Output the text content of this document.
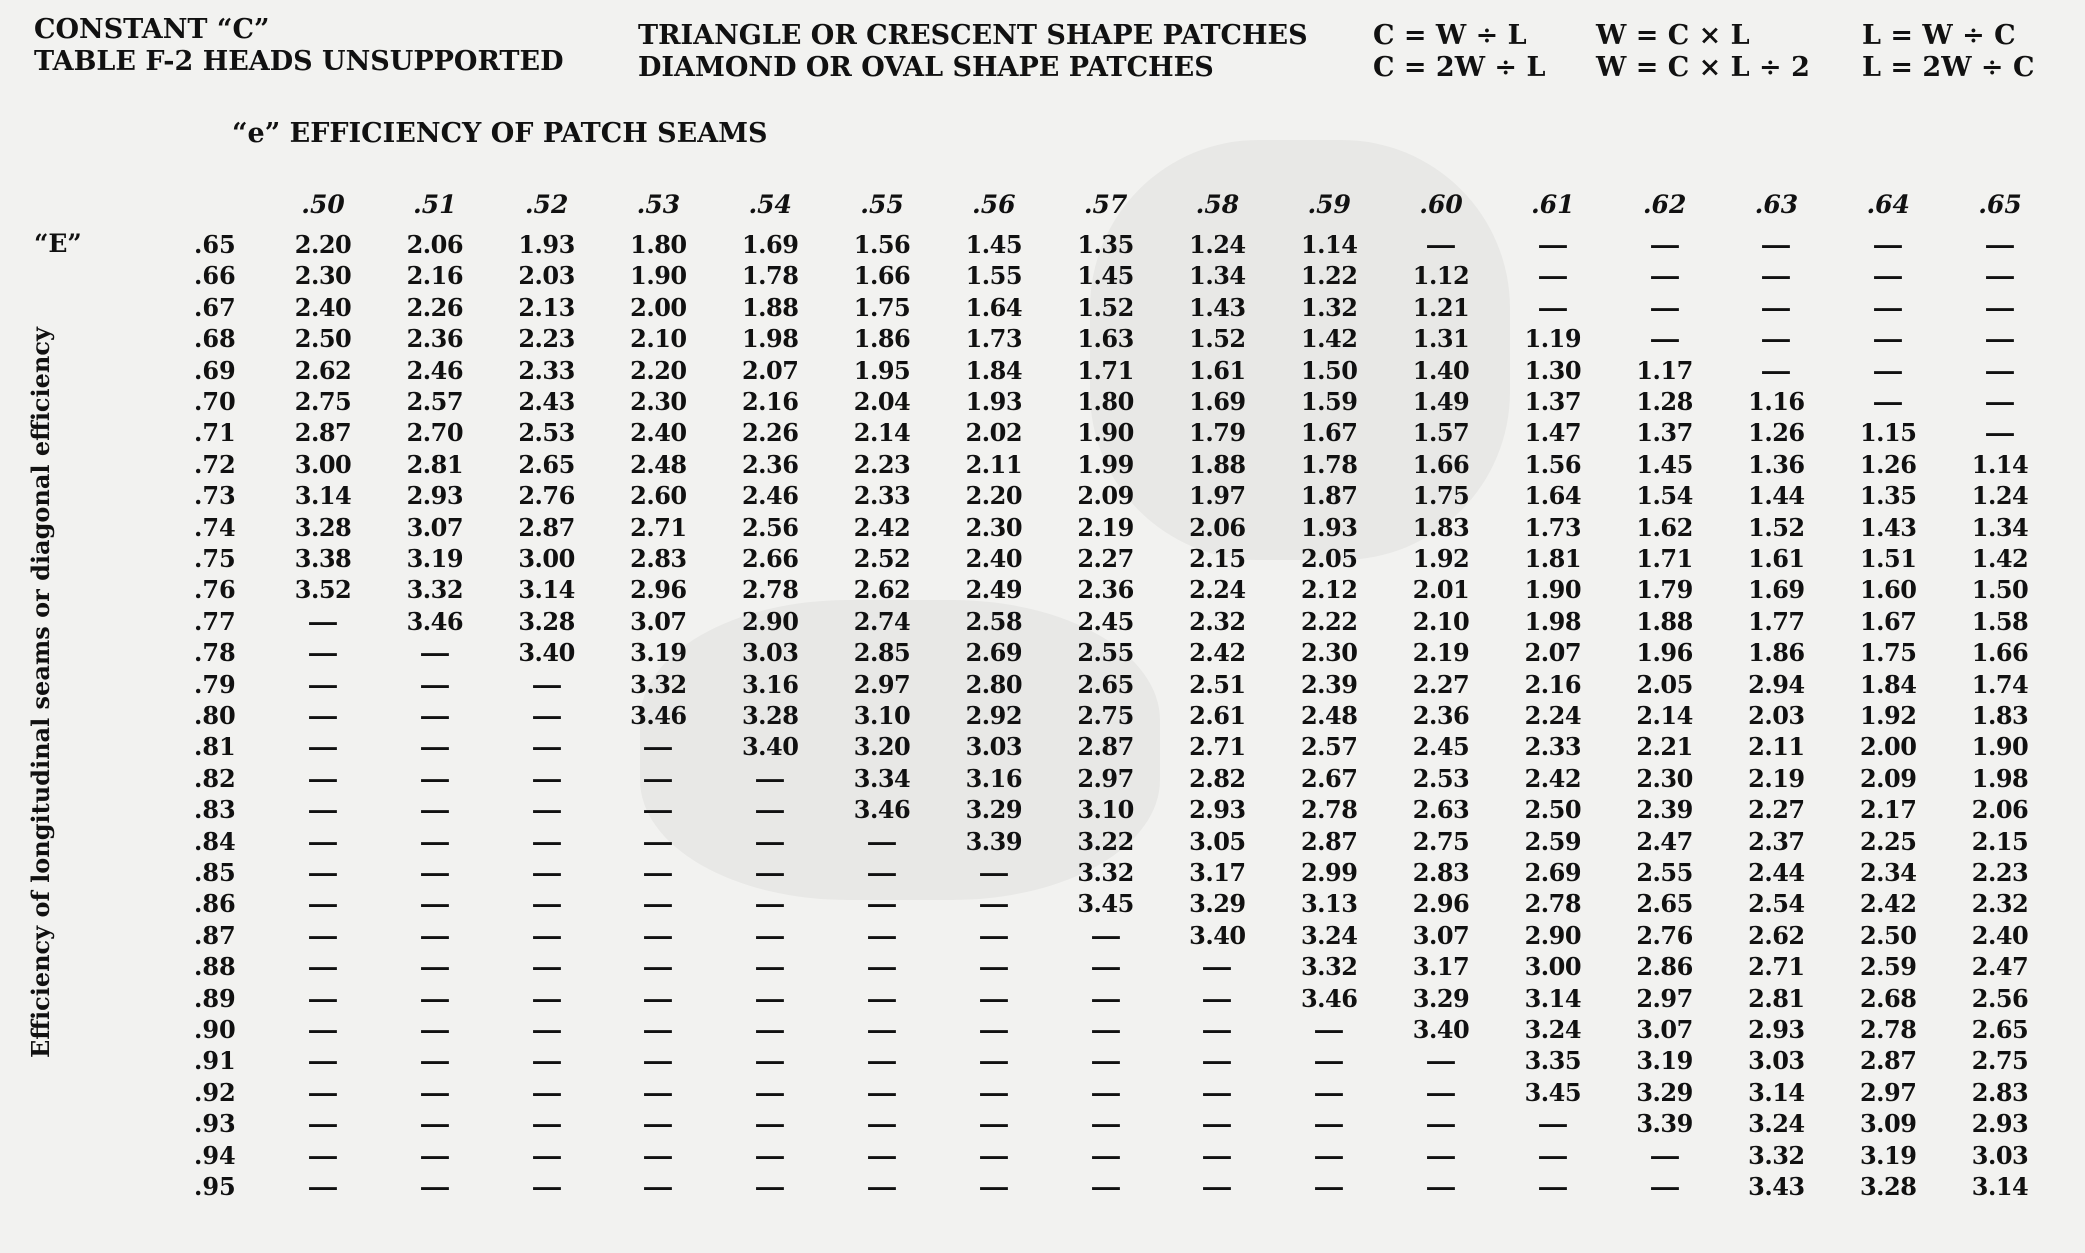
CONSTANT “C”
TABLE F-2 HEADS UNSUPPORTED
TRIANGLE OR CRESCENT SHAPE PATCHES
DIAMOND OR OVAL SHAPE PATCHES
C = W ÷ L
C = 2W ÷ L
W = C × L
W = C × L ÷ 2
L = W ÷ C
L = 2W ÷ C
“e” EFFICIENCY OF PATCH SEAMS
“E”
Efficiency of longitudinal seams or diagonal efficiency
.50	.51	.52	.53	.54	.55	.56	.57	.58	.59	.60	.61	.62	.63	.64	.65
.65	2.20	2.06	1.93	1.80	1.69	1.56	1.45	1.35	1.24	1.14	—	—	—	—	—	—
.66	2.30	2.16	2.03	1.90	1.78	1.66	1.55	1.45	1.34	1.22	1.12	—	—	—	—	—
.67	2.40	2.26	2.13	2.00	1.88	1.75	1.64	1.52	1.43	1.32	1.21	—	—	—	—	—
.68	2.50	2.36	2.23	2.10	1.98	1.86	1.73	1.63	1.52	1.42	1.31	1.19	—	—	—	—
.69	2.62	2.46	2.33	2.20	2.07	1.95	1.84	1.71	1.61	1.50	1.40	1.30	1.17	—	—	—
.70	2.75	2.57	2.43	2.30	2.16	2.04	1.93	1.80	1.69	1.59	1.49	1.37	1.28	1.16	—	—
.71	2.87	2.70	2.53	2.40	2.26	2.14	2.02	1.90	1.79	1.67	1.57	1.47	1.37	1.26	1.15	—
.72	3.00	2.81	2.65	2.48	2.36	2.23	2.11	1.99	1.88	1.78	1.66	1.56	1.45	1.36	1.26	1.14
.73	3.14	2.93	2.76	2.60	2.46	2.33	2.20	2.09	1.97	1.87	1.75	1.64	1.54	1.44	1.35	1.24
.74	3.28	3.07	2.87	2.71	2.56	2.42	2.30	2.19	2.06	1.93	1.83	1.73	1.62	1.52	1.43	1.34
.75	3.38	3.19	3.00	2.83	2.66	2.52	2.40	2.27	2.15	2.05	1.92	1.81	1.71	1.61	1.51	1.42
.76	3.52	3.32	3.14	2.96	2.78	2.62	2.49	2.36	2.24	2.12	2.01	1.90	1.79	1.69	1.60	1.50
.77	—	3.46	3.28	3.07	2.90	2.74	2.58	2.45	2.32	2.22	2.10	1.98	1.88	1.77	1.67	1.58
.78	—	—	3.40	3.19	3.03	2.85	2.69	2.55	2.42	2.30	2.19	2.07	1.96	1.86	1.75	1.66
.79	—	—	—	3.32	3.16	2.97	2.80	2.65	2.51	2.39	2.27	2.16	2.05	2.94	1.84	1.74
.80	—	—	—	3.46	3.28	3.10	2.92	2.75	2.61	2.48	2.36	2.24	2.14	2.03	1.92	1.83
.81	—	—	—	—	3.40	3.20	3.03	2.87	2.71	2.57	2.45	2.33	2.21	2.11	2.00	1.90
.82	—	—	—	—	—	3.34	3.16	2.97	2.82	2.67	2.53	2.42	2.30	2.19	2.09	1.98
.83	—	—	—	—	—	3.46	3.29	3.10	2.93	2.78	2.63	2.50	2.39	2.27	2.17	2.06
.84	—	—	—	—	—	—	3.39	3.22	3.05	2.87	2.75	2.59	2.47	2.37	2.25	2.15
.85	—	—	—	—	—	—	—	3.32	3.17	2.99	2.83	2.69	2.55	2.44	2.34	2.23
.86	—	—	—	—	—	—	—	3.45	3.29	3.13	2.96	2.78	2.65	2.54	2.42	2.32
.87	—	—	—	—	—	—	—	—	3.40	3.24	3.07	2.90	2.76	2.62	2.50	2.40
.88	—	—	—	—	—	—	—	—	—	3.32	3.17	3.00	2.86	2.71	2.59	2.47
.89	—	—	—	—	—	—	—	—	—	3.46	3.29	3.14	2.97	2.81	2.68	2.56
.90	—	—	—	—	—	—	—	—	—	—	3.40	3.24	3.07	2.93	2.78	2.65
.91	—	—	—	—	—	—	—	—	—	—	—	3.35	3.19	3.03	2.87	2.75
.92	—	—	—	—	—	—	—	—	—	—	—	3.45	3.29	3.14	2.97	2.83
.93	—	—	—	—	—	—	—	—	—	—	—	—	3.39	3.24	3.09	2.93
.94	—	—	—	—	—	—	—	—	—	—	—	—	—	3.32	3.19	3.03
.95	—	—	—	—	—	—	—	—	—	—	—	—	—	3.43	3.28	3.14
